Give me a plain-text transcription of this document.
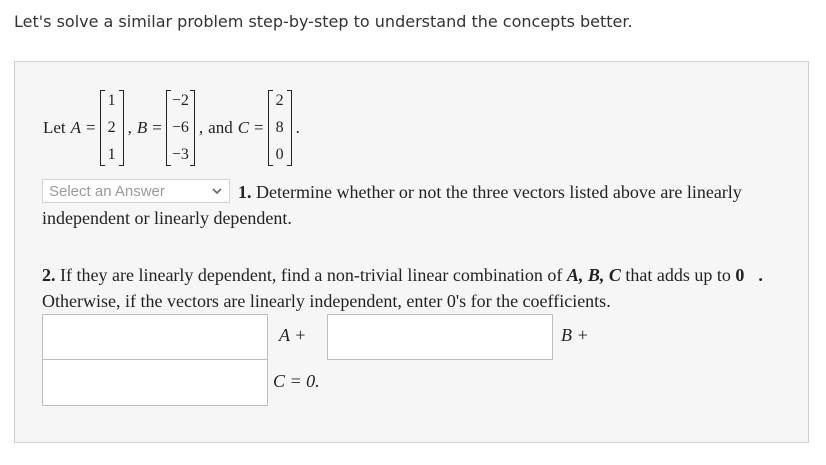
Let's solve a similar problem step-by-step to understand the concepts better.
Let A =
1
2
1
, B =
−2
−6
−3
, and C =
2
8
0
.
1. Determine whether or not the three vectors listed above are linearly independent or linearly dependent.
Select an Answer
2. If they are linearly dependent, find a non-trivial linear combination of A, B, C that adds up to 0⃗.
Otherwise, if the vectors are linearly independent, enter 0's for the coefficients.
A +	B +
C = 0.
